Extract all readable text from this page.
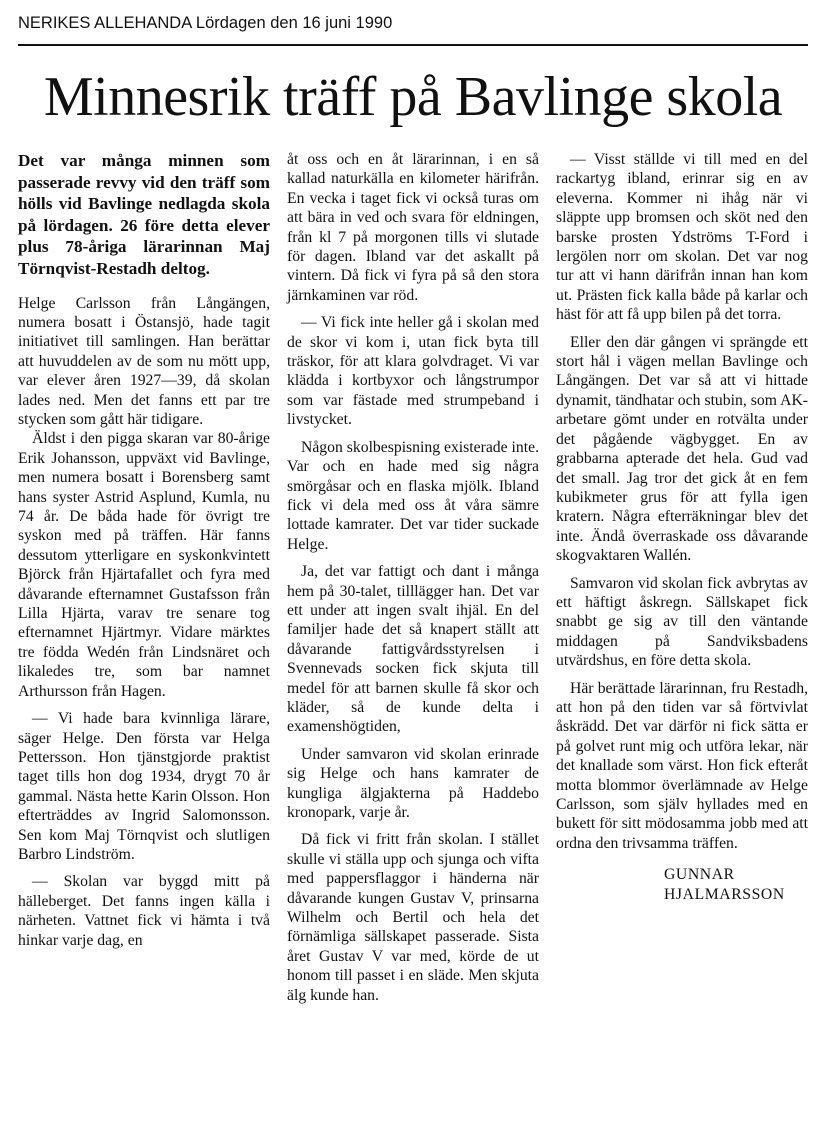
NERIKES ALLEHANDA Lördagen den 16 juni 1990
Minnesrik träff på Bavlinge skola
Det var många minnen som passerade revvy vid den träff som hölls vid Bavlinge nedlagda skola på lördagen. 26 före detta elever plus 78-åriga lärarinnan Maj Törnqvist-Restadh deltog.

Helge Carlsson från Långängen, numera bosatt i Östansjö, hade tagit initiativet till samlingen. Han berättar att huvuddelen av de som nu mött upp, var elever åren 1927—39, då skolan lades ned. Men det fanns ett par tre stycken som gått här tidigare.

Äldst i den pigga skaran var 80-årige Erik Johansson, uppväxt vid Bavlinge, men numera bosatt i Borensberg samt hans syster Astrid Asplund, Kumla, nu 74 år. De båda hade för övrigt tre syskon med på träffen. Här fanns dessutom ytterligare en syskonkvintett Björck från Hjärtafallet och fyra med dåvarande efternamnet Gustafsson från Lilla Hjärta, varav tre senare tog efternamnet Hjärtmyr. Vidare märktes tre födda Wedén från Lindsnäret och likaledes tre, som bar namnet Arthursson från Hagen.

— Vi hade bara kvinnliga lärare, säger Helge. Den första var Helga Pettersson. Hon tjänstgjorde praktist taget tills hon dog 1934, drygt 70 år gammal. Nästa hette Karin Olsson. Hon efterträddes av Ingrid Salomonsson. Sen kom Maj Törnqvist och slutligen Barbro Lindström.

— Skolan var byggd mitt på hälleberget. Det fanns ingen källa i närheten. Vattnet fick vi hämta i två hinkar varje dag, en

åt oss och en åt lärarinnan, i en så kallad naturkälla en kilometer härifrån. En vecka i taget fick vi också turas om att bära in ved och svara för eldningen, från kl 7 på morgonen tills vi slutade för dagen. Ibland var det askallt på vintern. Då fick vi fyra på så den stora järnkaminen var röd.

— Vi fick inte heller gå i skolan med de skor vi kom i, utan fick byta till träskor, för att klara golvdraget. Vi var klädda i kortbyxor och långstrumpor som var fästade med strumpeband i livstycket.

Någon skolbespisning existerade inte. Var och en hade med sig några smörgåsar och en flaska mjölk. Ibland fick vi dela med oss åt våra sämre lottade kamrater. Det var tider suckade Helge.

Ja, det var fattigt och dant i många hem på 30-talet, tilllägger han. Det var ett under att ingen svalt ihjäl. En del familjer hade det så knapert ställt att dåvarande fattigvårdsstyrelsen i Svennevads socken fick skjuta till medel för att barnen skulle få skor och kläder, så de kunde delta i examenshögtiden,

Under samvaron vid skolan erinrade sig Helge och hans kamrater de kungliga älgjakterna på Haddebo kronopark, varje år.

Då fick vi fritt från skolan. I stället skulle vi ställa upp och sjunga och vifta med pappersflaggor i händerna när dåvarande kungen Gustav V, prinsarna Wilhelm och Bertil och hela det förnämliga sällskapet passerade. Sista året Gustav V var med, körde de ut honom till passet i en släde. Men skjuta älg kunde han.

— Visst ställde vi till med en del rackartyg ibland, erinrar sig en av eleverna. Kommer ni ihåg när vi släppte upp bromsen och sköt ned den barske prosten Ydströms T-Ford i lergölen norr om skolan. Det var nog tur att vi hann därifrån innan han kom ut. Prästen fick kalla både på karlar och häst för att få upp bilen på det torra.

Eller den där gången vi sprängde ett stort hål i vägen mellan Bavlinge och Långängen. Det var så att vi hittade dynamit, tändhatar och stubin, som AK-arbetare gömt under en rotvälta under det pågående vägbygget. En av grabbarna apterade det hela. Gud vad det small. Jag tror det gick åt en fem kubikmeter grus för att fylla igen kratern. Några efterräkningar blev det inte. Ändå överraskade oss dåvarande skogvaktaren Wallén.

Samvaron vid skolan fick avbrytas av ett häftigt åskregn. Sällskapet fick snabbt ge sig av till den väntande middagen på Sandviksbadens utvärdshus, en före detta skola.

Här berättade lärarinnan, fru Restadh, att hon på den tiden var så förtvivlat åskrädd. Det var därför ni fick sätta er på golvet runt mig och utföra lekar, när det knallade som värst. Hon fick efteråt motta blommor överlämnade av Helge Carlsson, som själv hyllades med en bukett för sitt mödosamma jobb med att ordna den trivsamma träffen.

GUNNAR
HJALMARSSON
